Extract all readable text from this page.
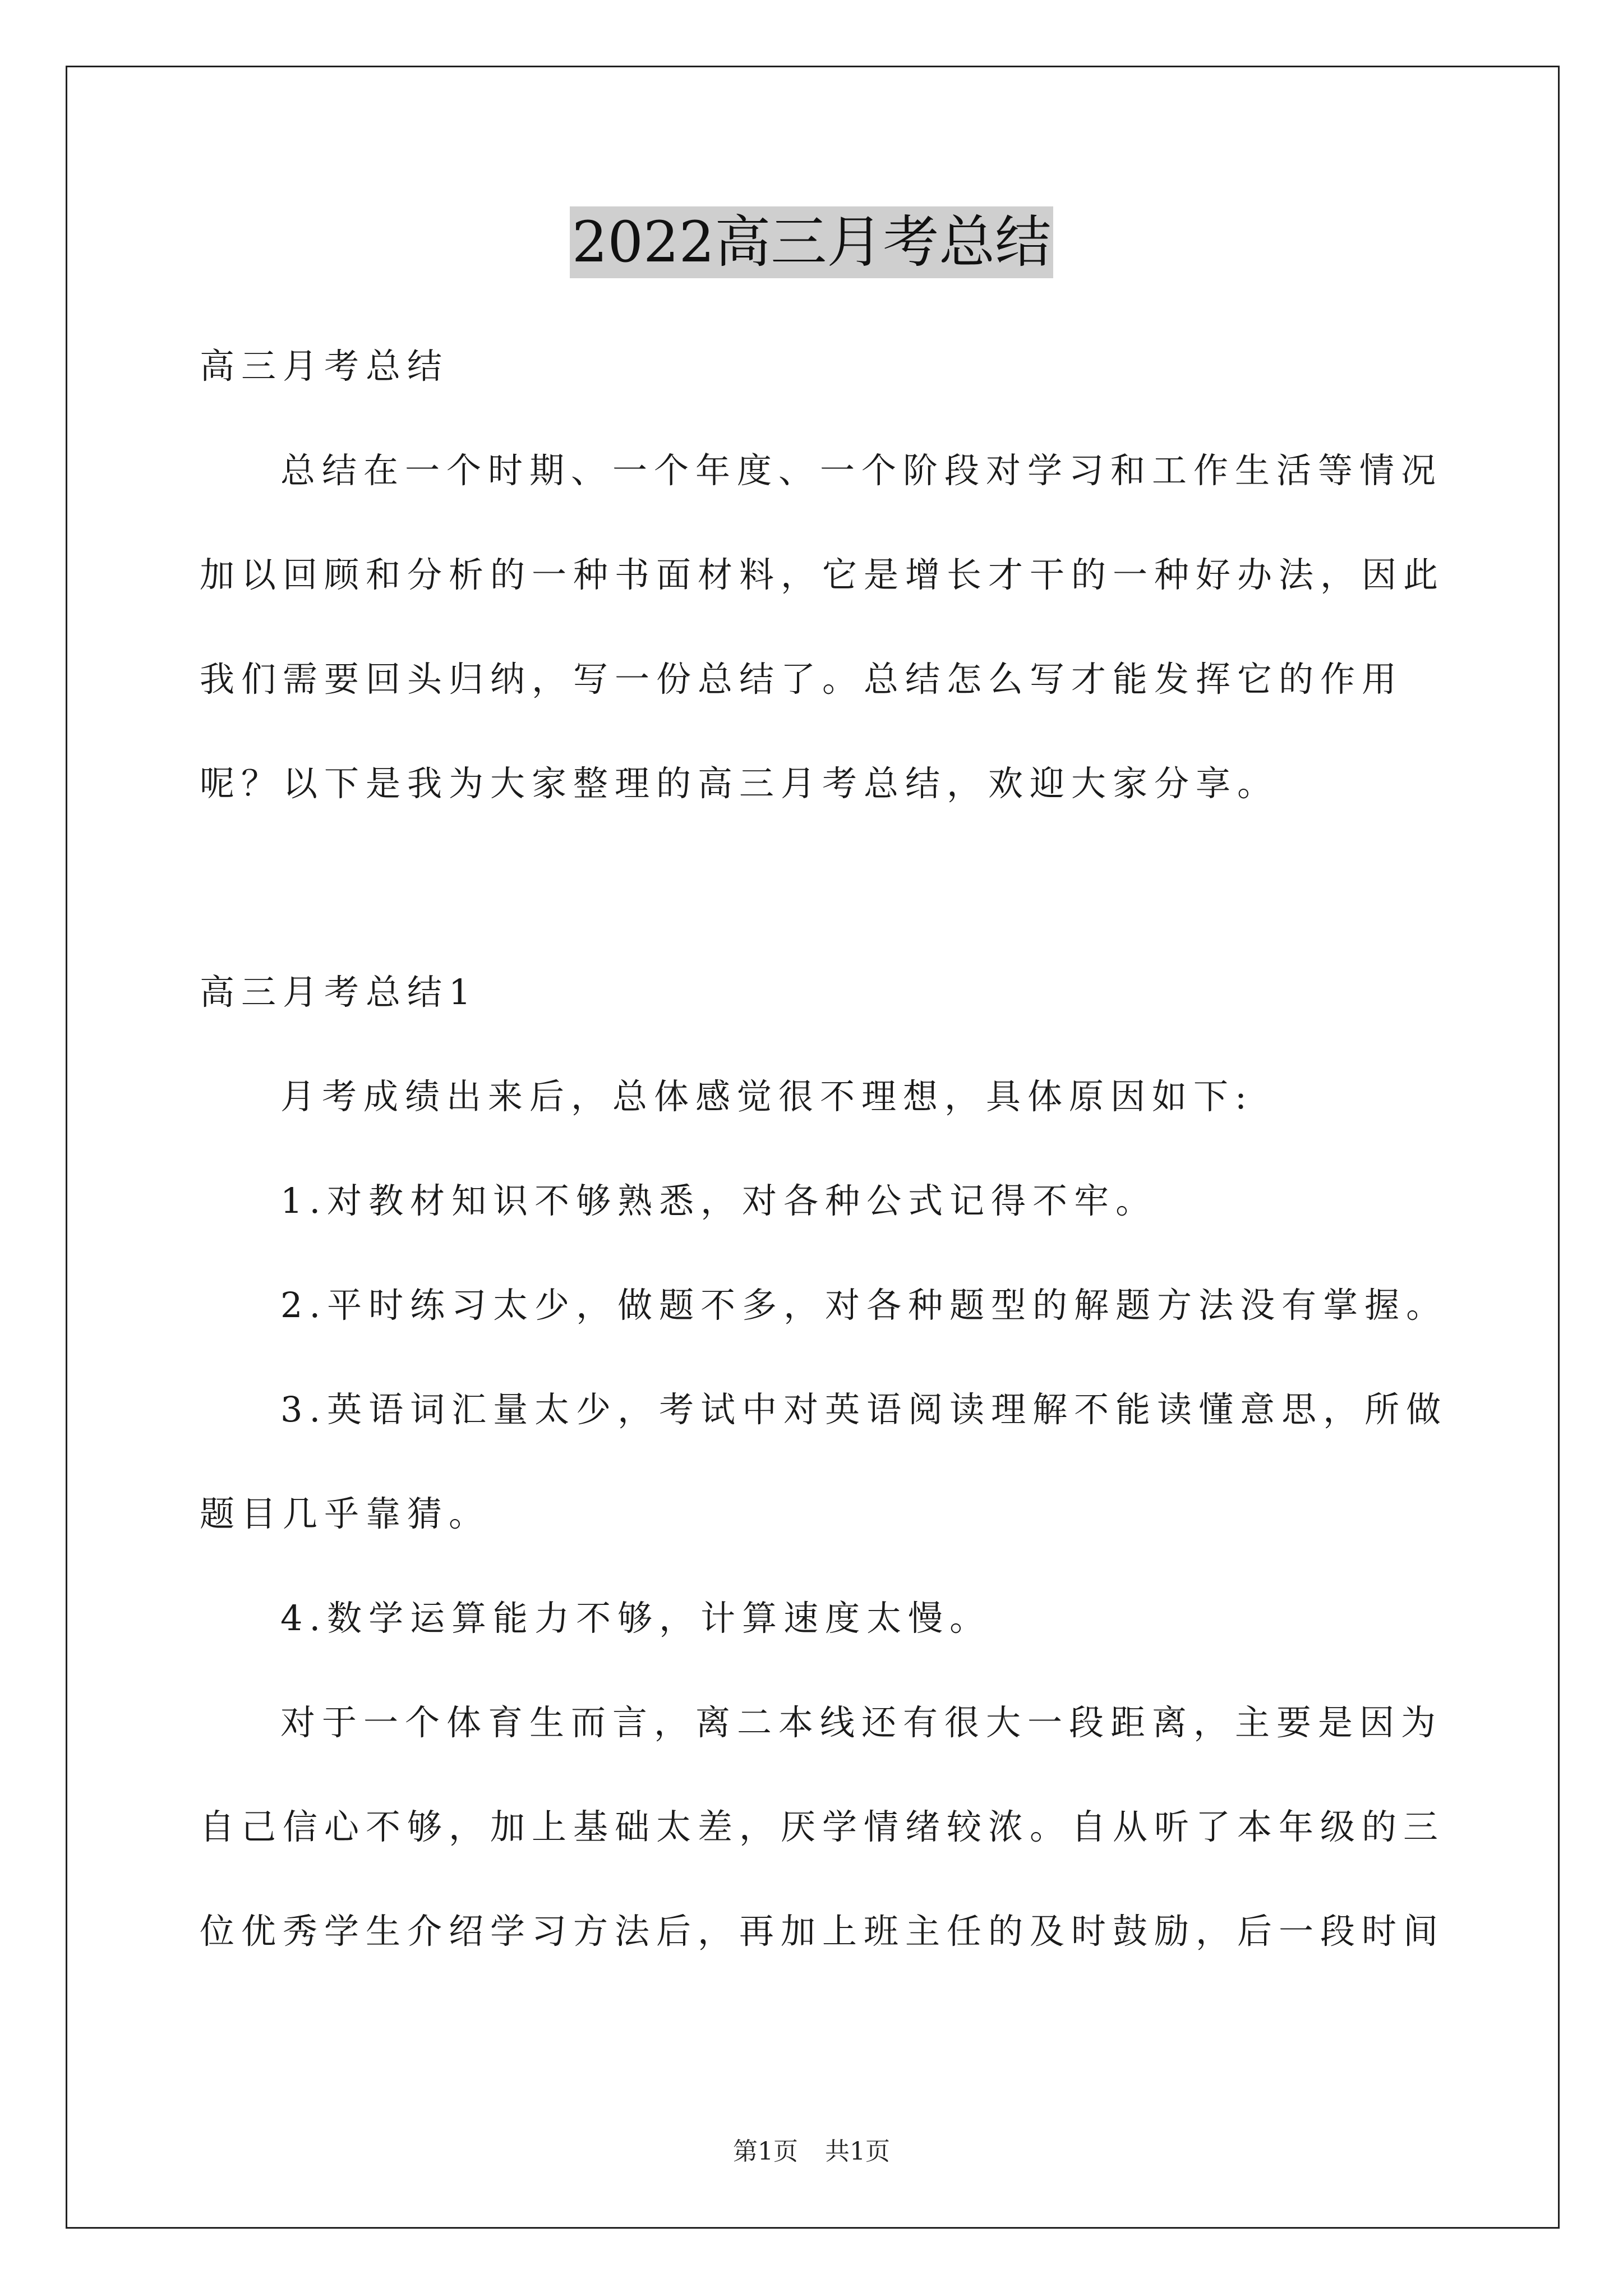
2022高三月考总结

高三月考总结

总结在一个时期、一个年度、一个阶段对学习和工作生活等情况加以回顾和分析的一种书面材料，它是增长才干的一种好办法，因此我们需要回头归纳，写一份总结了。总结怎么写才能发挥它的作用呢？以下是我为大家整理的高三月考总结，欢迎大家分享。

高三月考总结1

月考成绩出来后，总体感觉很不理想，具体原因如下:

1.对教材知识不够熟悉，对各种公式记得不牢。

2.平时练习太少，做题不多，对各种题型的解题方法没有掌握。

3.英语词汇量太少，考试中对英语阅读理解不能读懂意思，所做题目几乎靠猜。

4.数学运算能力不够，计算速度太慢。

对于一个体育生而言，离二本线还有很大一段距离，主要是因为自己信心不够，加上基础太差，厌学情绪较浓。自从听了本年级的三位优秀学生介绍学习方法后，再加上班主任的及时鼓励，后一段时间

第1页 共1页
